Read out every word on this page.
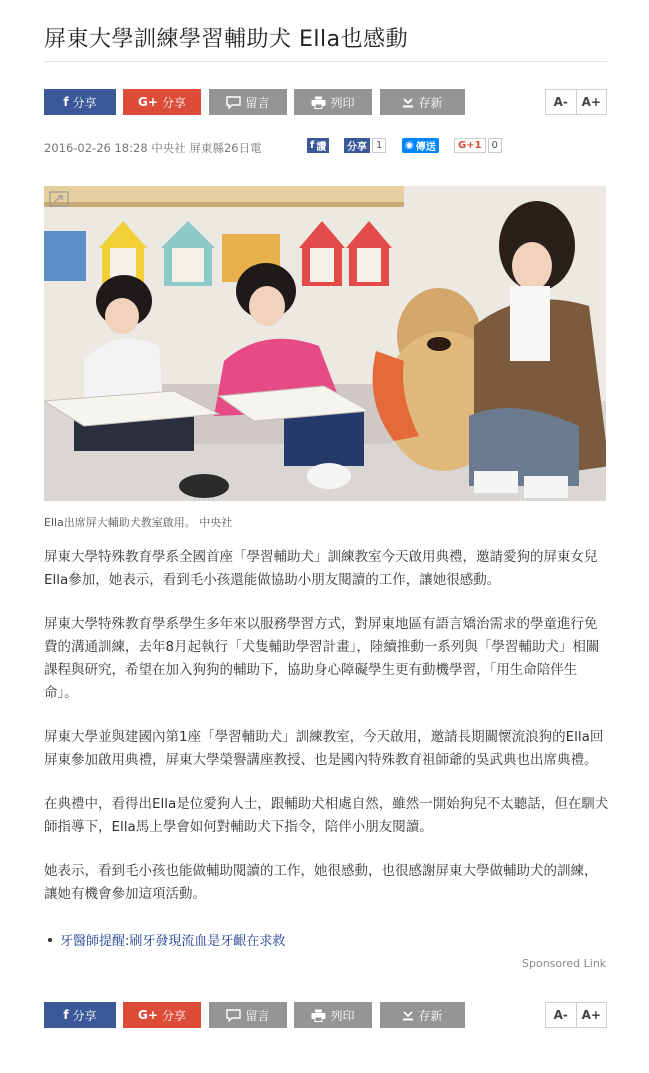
屏東大學訓練學習輔助犬 Ella也感動
f 分享	G+ 分享	留言	列印	存新	A-	A+
2016-02-26 18:28 中央社 屏東縣26日電	f 讚	分享 1	◉ 傳送	G+1	0
Ella出席屏大輔助犬教室啟用。 中央社

屏東大學特殊教育學系全國首座「學習輔助犬」訓練教室今天啟用典禮，邀請愛狗的屏東女兒Ella參加，她表示，看到毛小孩還能做協助小朋友閱讀的工作，讓她很感動。

屏東大學特殊教育學系學生多年來以服務學習方式，對屏東地區有語言矯治需求的學童進行免費的溝通訓練，去年8月起執行「犬隻輔助學習計畫」，陸續推動一系列與「學習輔助犬」相關課程與研究，希望在加入狗狗的輔助下，協助身心障礙學生更有動機學習，「用生命陪伴生命」。

屏東大學並與建國內第1座「學習輔助犬」訓練教室，今天啟用，邀請長期關懷流浪狗的Ella回屏東參加啟用典禮，屏東大學榮譽講座教授、也是國內特殊教育祖師爺的吳武典也出席典禮。

在典禮中，看得出Ella是位愛狗人士，跟輔助犬相處自然，雖然一開始狗兒不太聽話，但在馴犬師指導下，Ella馬上學會如何對輔助犬下指令，陪伴小朋友閱讀。

她表示，看到毛小孩也能做輔助閱讀的工作，她很感動，也很感謝屏東大學做輔助犬的訓練，讓她有機會參加這項活動。

牙醫師提醒:刷牙發現流血是牙齦在求救
Sponsored Link
f 分享	G+ 分享	留言	列印	存新	A-	A+
